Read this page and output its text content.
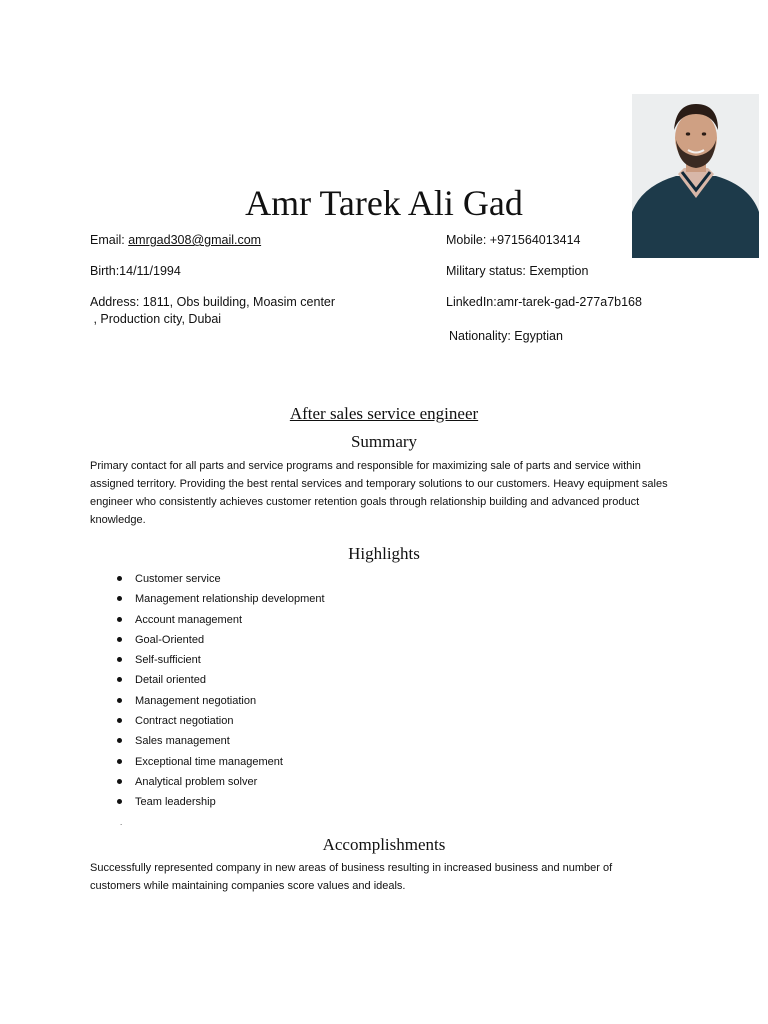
Amr Tarek Ali Gad
Email: amrgad308@gmail.com	Mobile: +971564013414
Birth:14/11/1994	Military status: Exemption
Address: 1811, Obs building, Moasim center
, Production city, Dubai
LinkedIn:amr-tarek-gad-277a7b168
Nationality: Egyptian
After sales service engineer
Summary
Primary contact for all parts and service programs and responsible for maximizing sale of parts and service within assigned territory. Providing the best rental services and temporary solutions to our customers. Heavy equipment sales engineer who consistently achieves customer retention goals through relationship building and advanced product knowledge.
Highlights
Customer service
Management relationship development
Account management
Goal-Oriented
Self-sufficient
Detail oriented
Management negotiation
Contract negotiation
Sales management
Exceptional time management
Analytical problem solver
Team leadership
.
Accomplishments
Successfully represented company in new areas of business resulting in increased business and number of customers while maintaining companies score values and ideals.
